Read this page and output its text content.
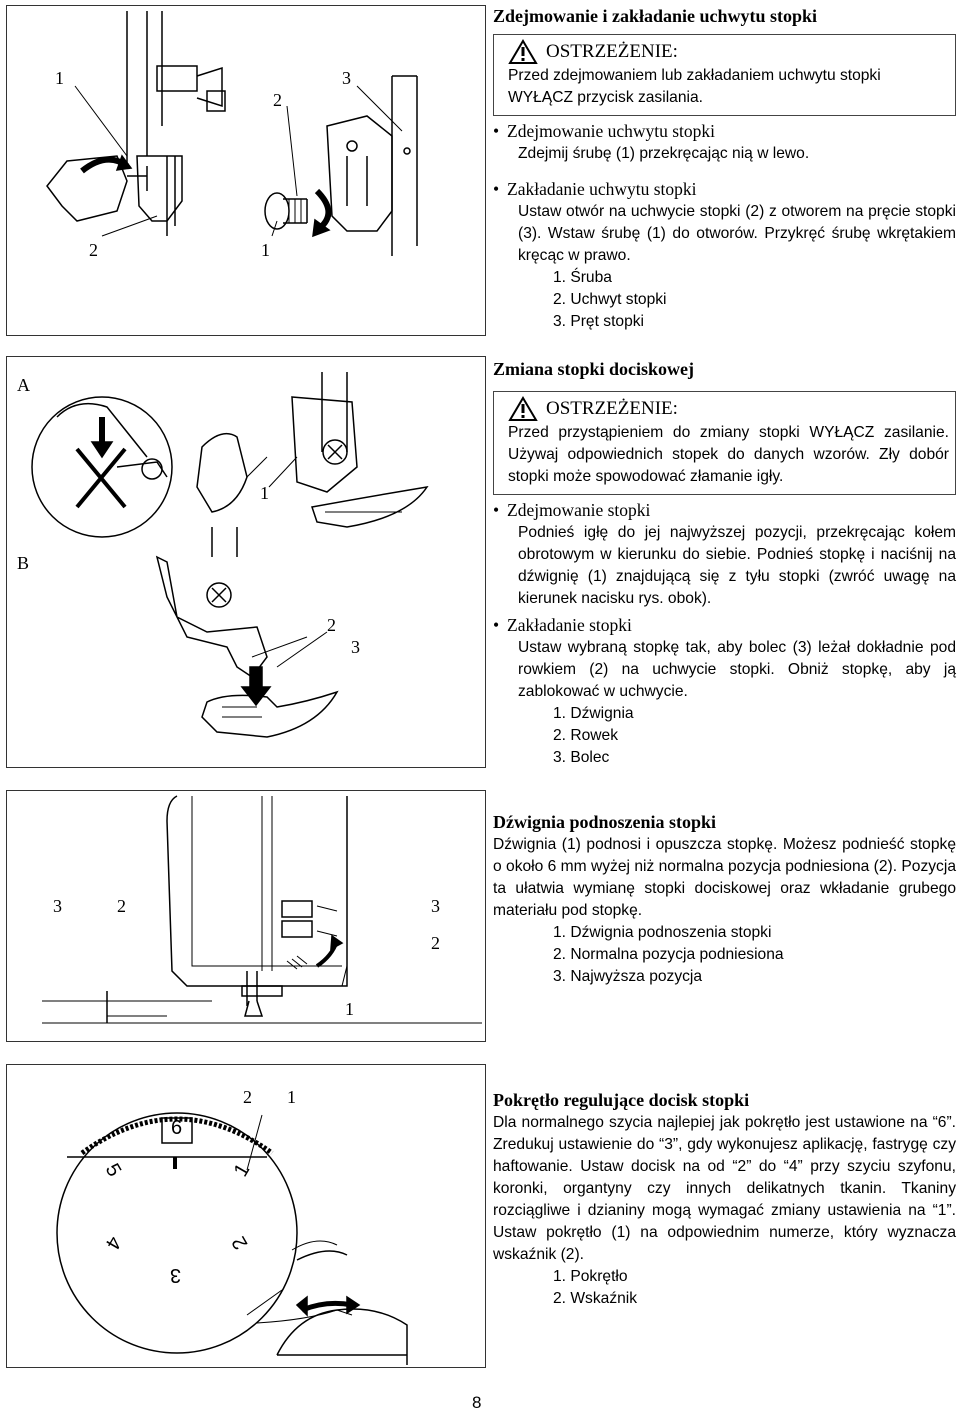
1
2
3
2	1
A
B
1
2
3
3	2	3
2
1
2 1
6
1
2
3
4
5
Zdejmowanie i zakładanie uchwytu stopki
OSTRZEŻENIE:
Przed zdejmowaniem lub zakładaniem uchwytu stopki WYŁĄCZ przycisk zasilania.
• Zdejmowanie uchwytu stopki
Zdejmij śrubę (1) przekręcając nią w lewo.
• Zakładanie uchwytu stopki
Ustaw otwór na uchwycie stopki (2) z otworem na pręcie stopki (3). Wstaw śrubę (1) do otworów. Przykręć śrubę wkrętakiem kręcąc w prawo.
1. Śruba
2. Uchwyt stopki
3. Pręt stopki
Zmiana stopki dociskowej
OSTRZEŻENIE:
Przed przystąpieniem do zmiany stopki WYŁĄCZ zasilanie. Używaj odpowiednich stopek do danych wzorów. Zły dobór stopki może spowodować złamanie igły.
• Zdejmowanie stopki
Podnieś igłę do jej najwyższej pozycji, przekręcając kołem obrotowym w kierunku do siebie. Podnieś stopkę i naciśnij na dźwignię (1) znajdującą się z tyłu stopki (zwróć uwagę na kierunek nacisku rys. obok).
• Zakładanie stopki
Ustaw wybraną stopkę tak, aby bolec (3) leżał dokładnie pod rowkiem (2) na uchwycie stopki. Obniż stopkę, aby ją zablokować w uchwycie.
1. Dźwignia
2. Rowek
3. Bolec
Dźwignia podnoszenia stopki
Dźwignia (1) podnosi i opuszcza stopkę. Możesz podnieść stopkę o około 6 mm wyżej niż normalna pozycja podniesiona (2). Pozycja ta ułatwia wymianę stopki dociskowej oraz wkładanie grubego materiału pod stopkę.
1. Dźwignia podnoszenia stopki
2. Normalna pozycja podniesiona
3. Najwyższa pozycja
Pokrętło regulujące docisk stopki
Dla normalnego szycia najlepiej jak pokrętło jest ustawione na “6”. Zredukuj ustawienie do “3”, gdy wykonujesz aplikację, fastrygę czy haftowanie. Ustaw docisk na od “2” do “4” przy szyciu szyfonu, koronki, organtyny czy innych delikatnych tkanin. Tkaniny rozciągliwe i dzianiny mogą wymagać zmiany ustawienia na “1”. Ustaw pokrętło (1) na odpowiednim numerze, który wyznacza wskaźnik (2).
1. Pokrętło
2. Wskaźnik
8
